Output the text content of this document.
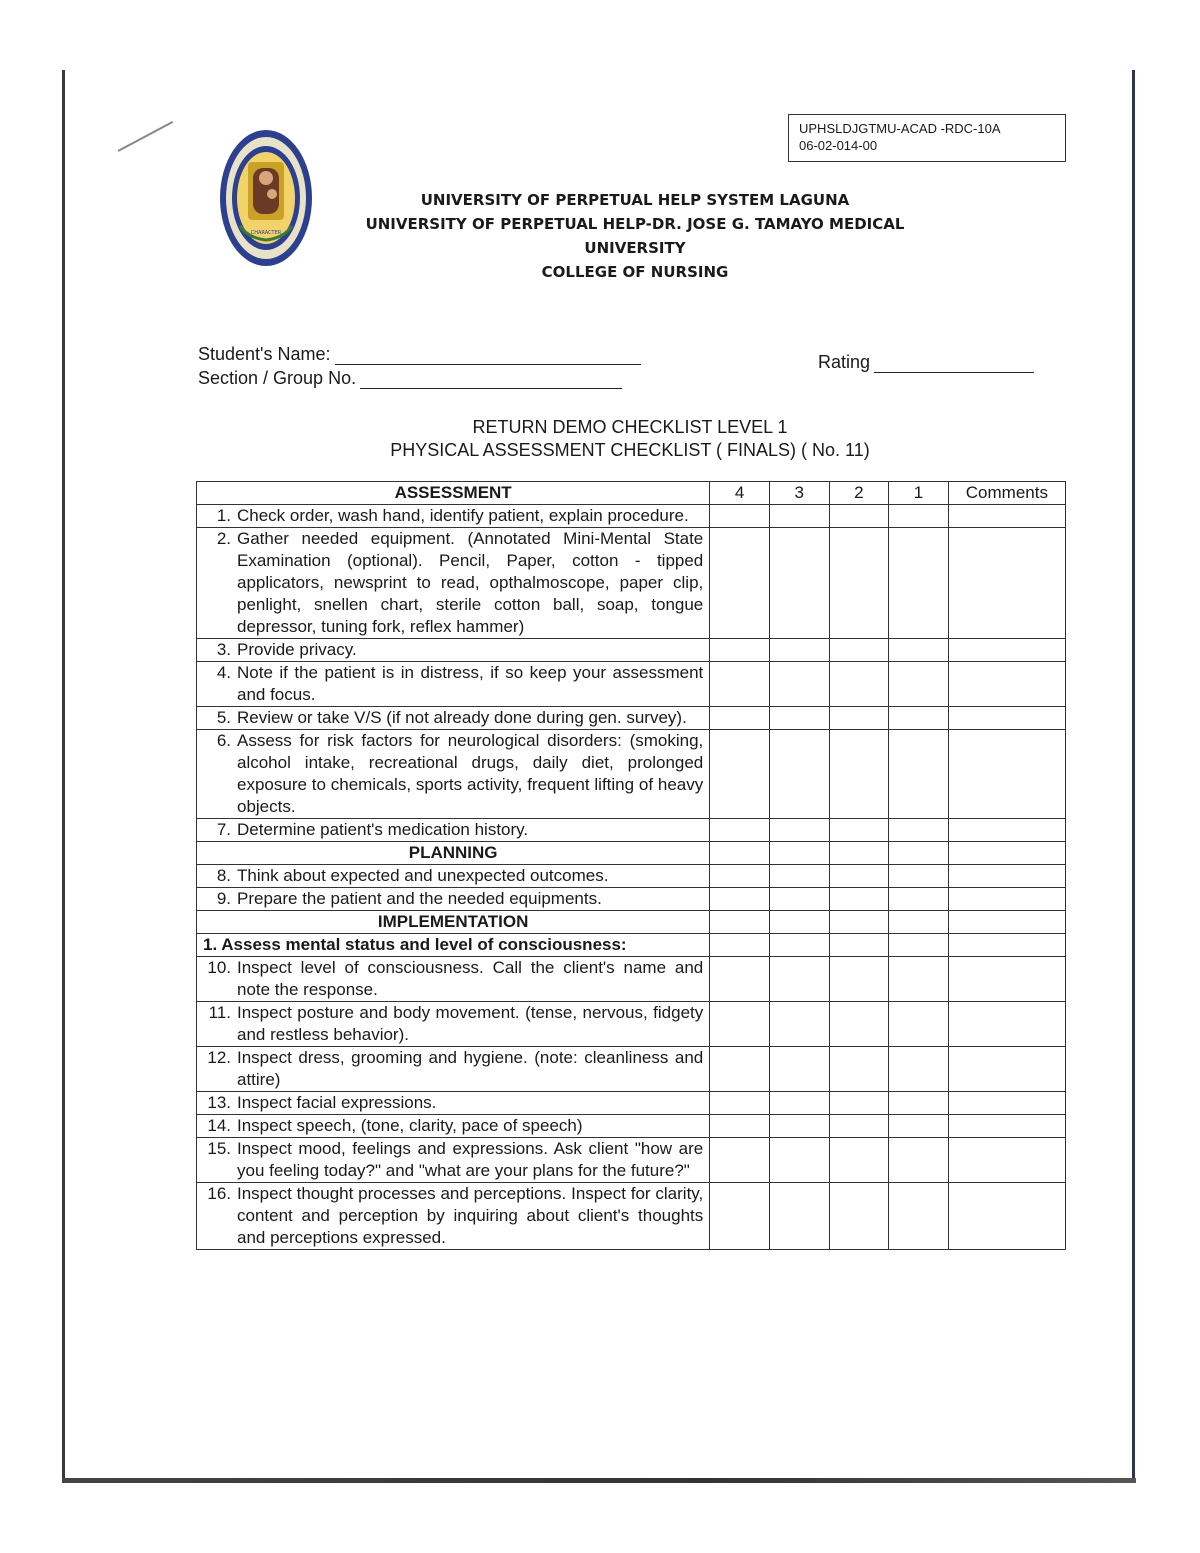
UPHSLDJGTMU-ACAD -RDC-10A
06-02-014-00
CHARACTER
UNIVERSITY OF PERPETUAL HELP SYSTEM LAGUNA
UNIVERSITY OF PERPETUAL HELP-DR. JOSE G. TAMAYO MEDICAL UNIVERSITY
COLLEGE OF NURSING
Student's Name:
Section / Group No.
Rating
RETURN DEMO CHECKLIST LEVEL 1
PHYSICAL ASSESSMENT CHECKLIST ( FINALS) ( No. 11)
ASSESSMENT	4	3	2	1	Comments

1. Check order, wash hand, identify patient, explain procedure.					

2. Gather needed equipment. (Annotated Mini-Mental State Examination (optional). Pencil, Paper, cotton - tipped applicators, newsprint to read, opthalmoscope, paper clip, penlight, snellen chart, sterile cotton ball, soap, tongue depressor, tuning fork, reflex hammer)					

3. Provide privacy.					

4. Note if the patient is in distress, if so keep your assessment and focus.					

5. Review or take V/S (if not already done during gen. survey).					

6. Assess for risk factors for neurological disorders: (smoking, alcohol intake, recreational drugs, daily diet, prolonged exposure to chemicals, sports activity, frequent lifting of heavy objects.					

7. Determine patient's medication history.					

PLANNING					

8. Think about expected and unexpected outcomes.					

9. Prepare the patient and the needed equipments.					

IMPLEMENTATION					
1. Assess mental status and level of consciousness:					

10. Inspect level of consciousness. Call the client's name and note the response.					

11. Inspect posture and body movement. (tense, nervous, fidgety and restless behavior).					

12. Inspect dress, grooming and hygiene. (note: cleanliness and attire)					

13. Inspect facial expressions.					

14. Inspect speech, (tone, clarity, pace of speech)					

15. Inspect mood, feelings and expressions. Ask client "how are you feeling today?" and "what are your plans for the future?"					

16. Inspect thought processes and perceptions. Inspect for clarity, content and perception by inquiring about client's thoughts and perceptions expressed.					
